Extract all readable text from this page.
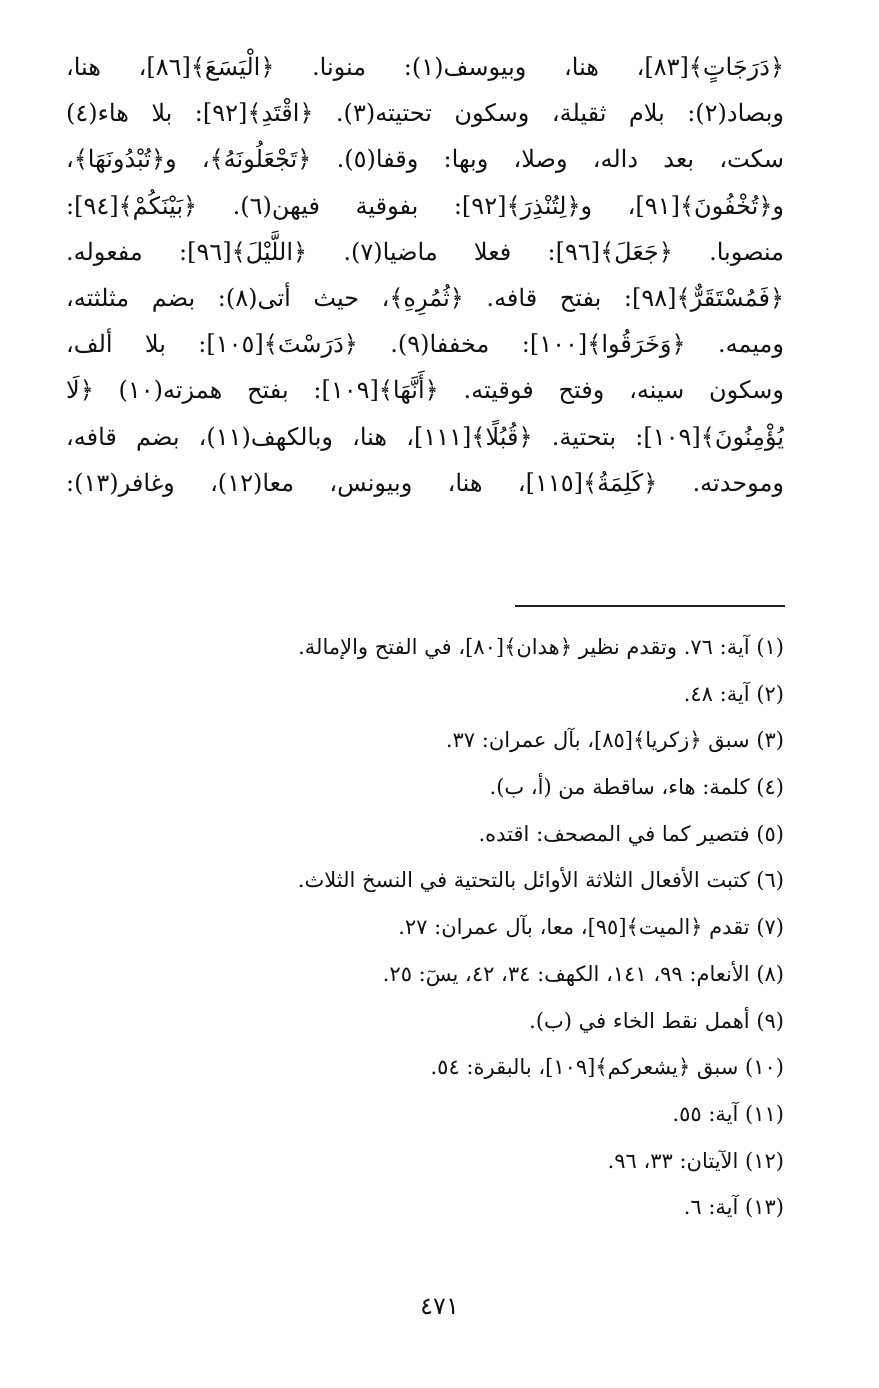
﴿دَرَجَاتٍ﴾[٨٣]، هنا، وبيوسف(١): منونا. ﴿الْيَسَعَ﴾[٨٦]، هنا،
وبصاد(٢): بلام ثقيلة، وسكون تحتيته(٣). ﴿اقْتَدِ﴾[٩٢]: بلا هاء(٤)
سكت، بعد داله، وصلا، وبها: وقفا(٥). ﴿تَجْعَلُونَهُ﴾، و﴿تُبْدُونَهَا﴾،
و﴿تُخْفُونَ﴾[٩١]، و﴿لِتُنْذِرَ﴾[٩٢]: بفوقية فيهن(٦). ﴿بَيْنَكُمْ﴾[٩٤]:
منصوبا. ﴿جَعَلَ﴾[٩٦]: فعلا ماضيا(٧). ﴿اللَّيْلَ﴾[٩٦]: مفعوله.
﴿فَمُسْتَقَرٌّ﴾[٩٨]: بفتح قافه. ﴿ثُمُرِهِ﴾، حيث أتى(٨): بضم مثلثته،
وميمه. ﴿وَخَرَقُوا﴾[١٠٠]: مخففا(٩). ﴿دَرَسْتَ﴾[١٠٥]: بلا ألف،
وسكون سينه، وفتح فوقيته. ﴿أَنَّهَا﴾[١٠٩]: بفتح همزته(١٠) ﴿لَا
يُؤْمِنُونَ﴾[١٠٩]: بتحتية. ﴿قُبُلًا﴾[١١١]، هنا، وبالكهف(١١)، بضم قافه،
وموحدته. ﴿كَلِمَةُ﴾[١١٥]، هنا، وبيونس، معا(١٢)، وغافر(١٣):
(١) آية: ٧٦. وتقدم نظير ﴿هدان﴾[٨٠]، في الفتح والإمالة.
(٢) آية: ٤٨.
(٣) سبق ﴿زكريا﴾[٨٥]، بآل عمران: ٣٧.
(٤) كلمة: هاء، ساقطة من (أ، ب).
(٥) فتصير كما في المصحف: اقتده.
(٦) كتبت الأفعال الثلاثة الأوائل بالتحتية في النسخ الثلاث.
(٧) تقدم ﴿الميت﴾[٩٥]، معا، بآل عمران: ٢٧.
(٨) الأنعام: ٩٩، ١٤١، الكهف: ٣٤، ٤٢، يسٓ: ٢٥.
(٩) أهمل نقط الخاء في (ب).
(١٠) سبق ﴿يشعركم﴾[١٠٩]، بالبقرة: ٥٤.
(١١) آية: ٥٥.
(١٢) الآيتان: ٣٣، ٩٦.
(١٣) آية: ٦.
٤٧١
